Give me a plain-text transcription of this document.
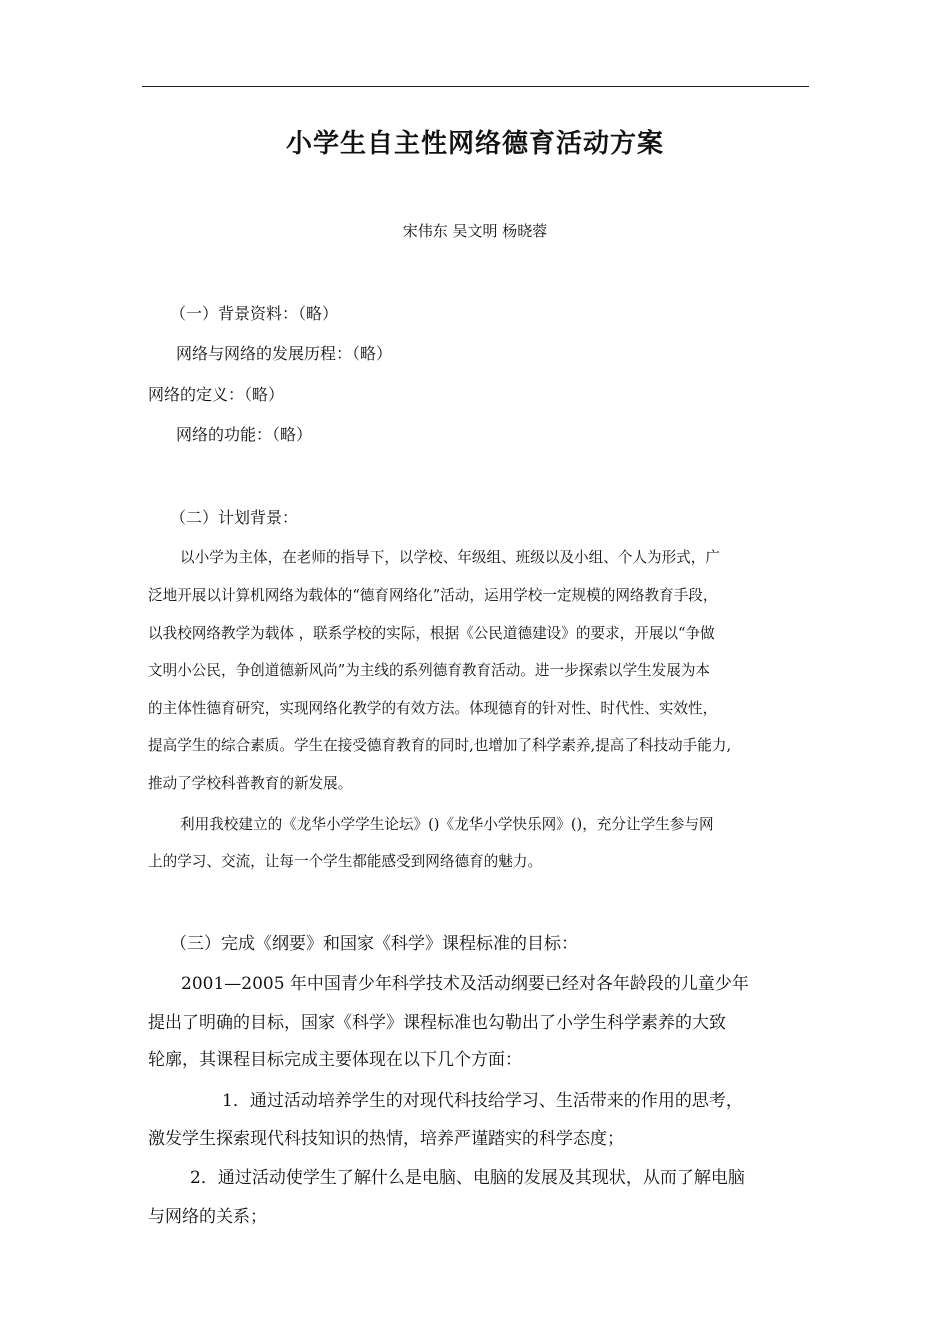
小学生自主性网络德育活动方案
宋伟东 吴文明 杨晓蓉
（一）背景资料：（略）
网络与网络的发展历程：（略）
网络的定义：（略）
网络的功能：（略）
（二）计划背景：
以小学为主体，在老师的指导下，以学校、年级组、班级以及小组、个人为形式，广
泛地开展以计算机网络为载体的“德育网络化”活动，运用学校一定规模的网络教育手段，
以我校网络教学为载体 ，联系学校的实际，根据《公民道德建设》的要求，开展以“争做
文明小公民，争创道德新风尚”为主线的系列德育教育活动。进一步探索以学生发展为本
的主体性德育研究，实现网络化教学的有效方法。体现德育的针对性、时代性、实效性，
提高学生的综合素质。学生在接受德育教育的同时,也增加了科学素养,提高了科技动手能力,
推动了学校科普教育的新发展。
利用我校建立的《龙华小学学生论坛》()《龙华小学快乐网》()，充分让学生参与网
上的学习、交流，让每一个学生都能感受到网络德育的魅力。
（三）完成《纲要》和国家《科学》课程标准的目标：
2001—2005 年中国青少年科学技术及活动纲要已经对各年龄段的儿童少年
提出了明确的目标，国家《科学》课程标准也勾勒出了小学生科学素养的大致
轮廓，其课程目标完成主要体现在以下几个方面：
1．通过活动培养学生的对现代科技给学习、生活带来的作用的思考，
激发学生探索现代科技知识的热情，培养严谨踏实的科学态度；
2．通过活动使学生了解什么是电脑、电脑的发展及其现状，从而了解电脑
与网络的关系；
